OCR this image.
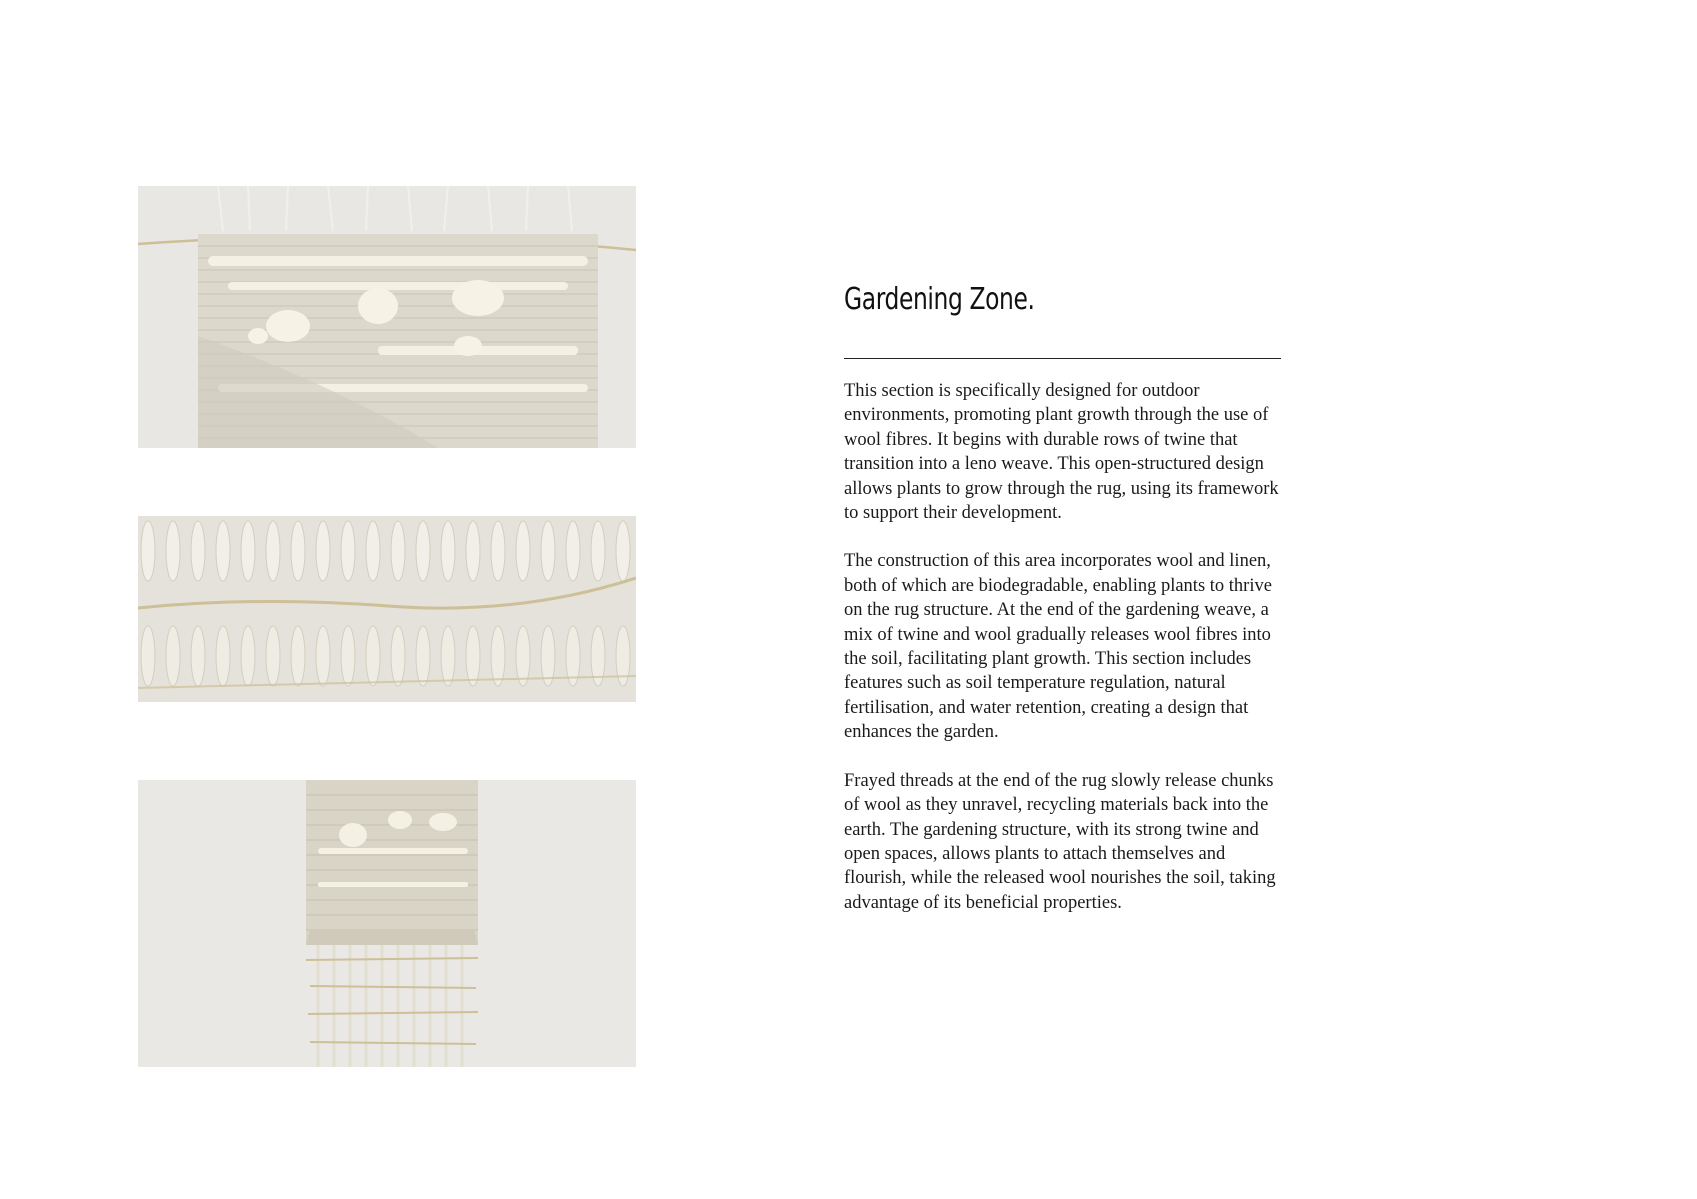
Gardening Zone.

This section is specifically designed for outdoor environments, promoting plant growth through the use of wool fibres. It begins with durable rows of twine that transition into a leno weave. This open-structured design allows plants to grow through the rug, using its framework to support their development.

The construction of this area incorporates wool and linen, both of which are biodegradable, enabling plants to thrive on the rug structure. At the end of the gardening weave, a mix of twine and wool gradually releases wool fibres into the soil, facilitating plant growth. This section includes features such as soil temperature regulation, natural fertilisation, and water retention, creating a design that enhances the garden.

Frayed threads at the end of the rug slowly release chunks of wool as they unravel, recycling materials back into the earth. The gardening structure, with its strong twine and open spaces, allows plants to attach themselves and flourish, while the released wool nourishes the soil, taking advantage of its beneficial properties.
